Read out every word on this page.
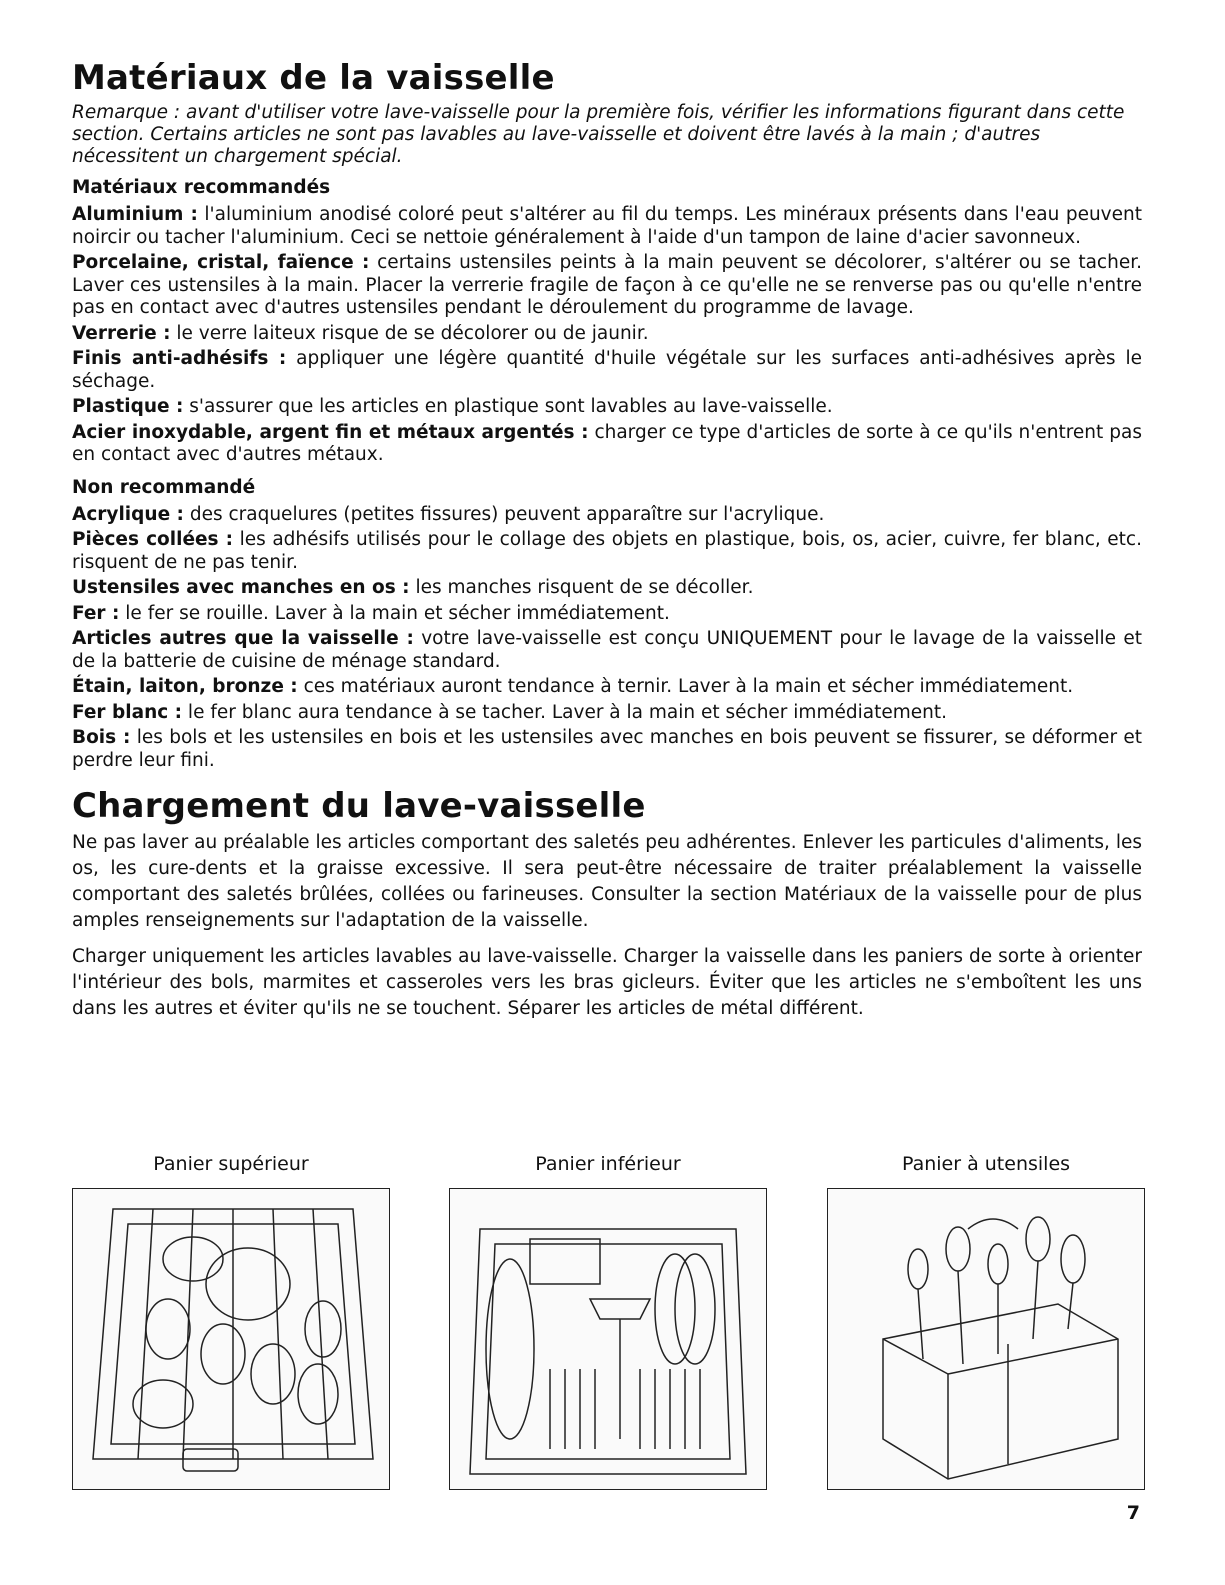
Matériaux de la vaisselle

Remarque : avant d'utiliser votre lave-vaisselle pour la première fois, vérifier les informations figurant dans cette section. Certains articles ne sont pas lavables au lave-vaisselle et doivent être lavés à la main ; d'autres nécessitent un chargement spécial.

Matériaux recommandés

Aluminium : l'aluminium anodisé coloré peut s'altérer au fil du temps. Les minéraux présents dans l'eau peuvent noircir ou tacher l'aluminium. Ceci se nettoie généralement à l'aide d'un tampon de laine d'acier savonneux.

Porcelaine, cristal, faïence : certains ustensiles peints à la main peuvent se décolorer, s'altérer ou se tacher. Laver ces ustensiles à la main. Placer la verrerie fragile de façon à ce qu'elle ne se renverse pas ou qu'elle n'entre pas en contact avec d'autres ustensiles pendant le déroulement du programme de lavage.

Verrerie : le verre laiteux risque de se décolorer ou de jaunir.

Finis anti-adhésifs : appliquer une légère quantité d'huile végétale sur les surfaces anti-adhésives après le séchage.

Plastique : s'assurer que les articles en plastique sont lavables au lave-vaisselle.

Acier inoxydable, argent fin et métaux argentés : charger ce type d'articles de sorte à ce qu'ils n'entrent pas en contact avec d'autres métaux.

Non recommandé

Acrylique : des craquelures (petites fissures) peuvent apparaître sur l'acrylique.

Pièces collées : les adhésifs utilisés pour le collage des objets en plastique, bois, os, acier, cuivre, fer blanc, etc. risquent de ne pas tenir.

Ustensiles avec manches en os : les manches risquent de se décoller.

Fer : le fer se rouille. Laver à la main et sécher immédiatement.

Articles autres que la vaisselle : votre lave-vaisselle est conçu UNIQUEMENT pour le lavage de la vaisselle et de la batterie de cuisine de ménage standard.

Étain, laiton, bronze : ces matériaux auront tendance à ternir. Laver à la main et sécher immédiatement.

Fer blanc : le fer blanc aura tendance à se tacher. Laver à la main et sécher immédiatement.

Bois : les bols et les ustensiles en bois et les ustensiles avec manches en bois peuvent se fissurer, se déformer et perdre leur fini.

Chargement du lave-vaisselle

Ne pas laver au préalable les articles comportant des saletés peu adhérentes. Enlever les particules d'aliments, les os, les cure-dents et la graisse excessive. Il sera peut-être nécessaire de traiter préalablement la vaisselle comportant des saletés brûlées, collées ou farineuses. Consulter la section Matériaux de la vaisselle pour de plus amples renseignements sur l'adaptation de la vaisselle.

Charger uniquement les articles lavables au lave-vaisselle. Charger la vaisselle dans les paniers de sorte à orienter l'intérieur des bols, marmites et casseroles vers les bras gicleurs. Éviter que les articles ne s'emboîtent les uns dans les autres et éviter qu'ils ne se touchent. Séparer les articles de métal différent.

Panier supérieur	Panier inférieur	Panier à utensiles
7
